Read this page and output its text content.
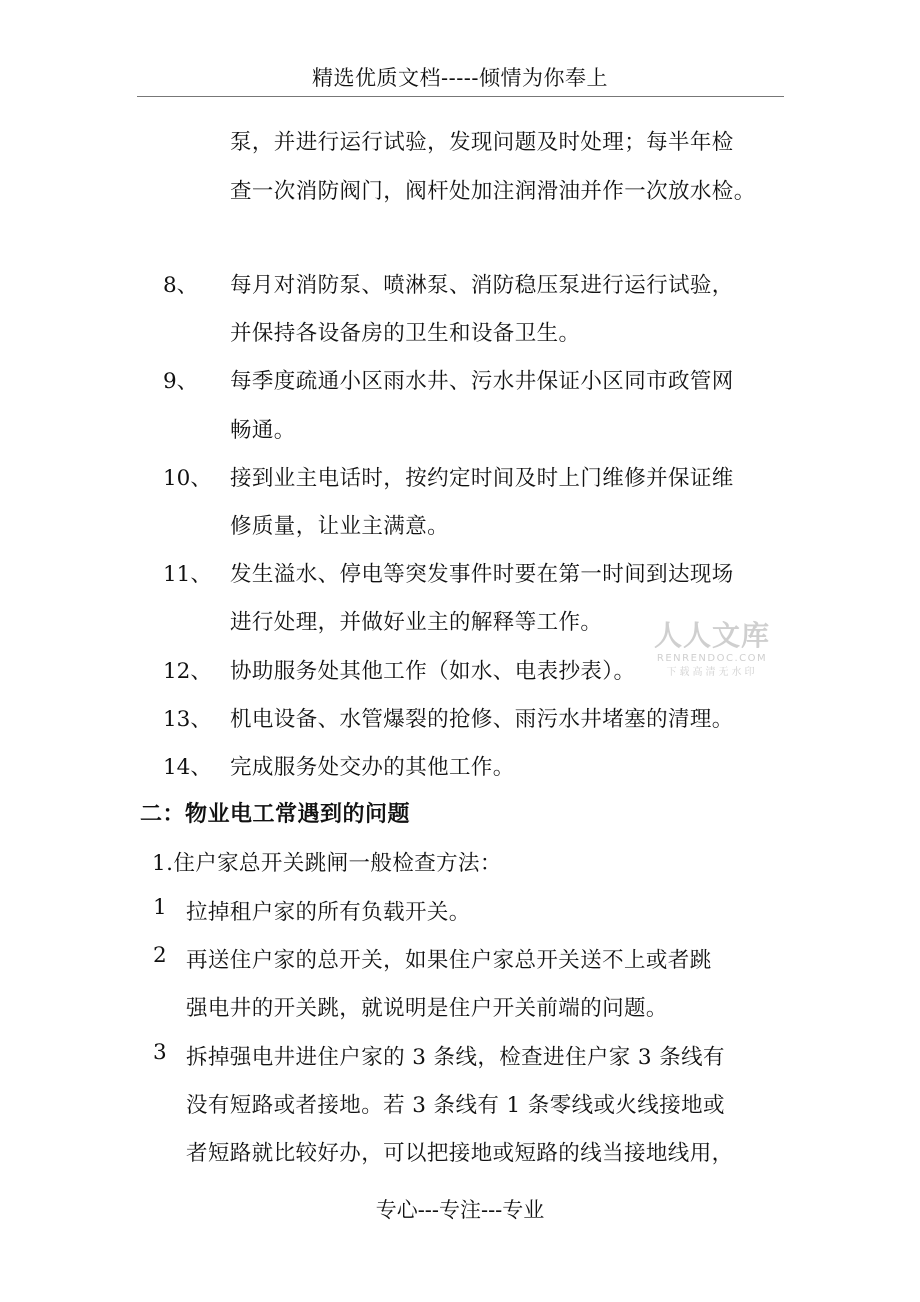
精选优质文档-----倾情为你奉上
泵，并进行运行试验，发现问题及时处理；每半年检
查一次消防阀门，阀杆处加注润滑油并作一次放水检。
8、 每月对消防泵、喷淋泵、消防稳压泵进行运行试验，
并保持各设备房的卫生和设备卫生。
9、 每季度疏通小区雨水井、污水井保证小区同市政管网
畅通。
10、 接到业主电话时，按约定时间及时上门维修并保证维
修质量，让业主满意。
11、 发生溢水、停电等突发事件时要在第一时间到达现场
进行处理，并做好业主的解释等工作。
12、 协助服务处其他工作（如水、电表抄表）。
13、 机电设备、水管爆裂的抢修、雨污水井堵塞的清理。
14、 完成服务处交办的其他工作。
二：物业电工常遇到的问题
1.住户家总开关跳闸一般检查方法：
1 拉掉租户家的所有负载开关。
2 再送住户家的总开关，如果住户家总开关送不上或者跳
强电井的开关跳，就说明是住户开关前端的问题。
3 拆掉强电井进住户家的 3 条线，检查进住户家 3 条线有
没有短路或者接地。若 3 条线有 1 条零线或火线接地或
者短路就比较好办，可以把接地或短路的线当接地线用，
人人文库
RENRENDOC.COM
下载高清无水印
专心---专注---专业
